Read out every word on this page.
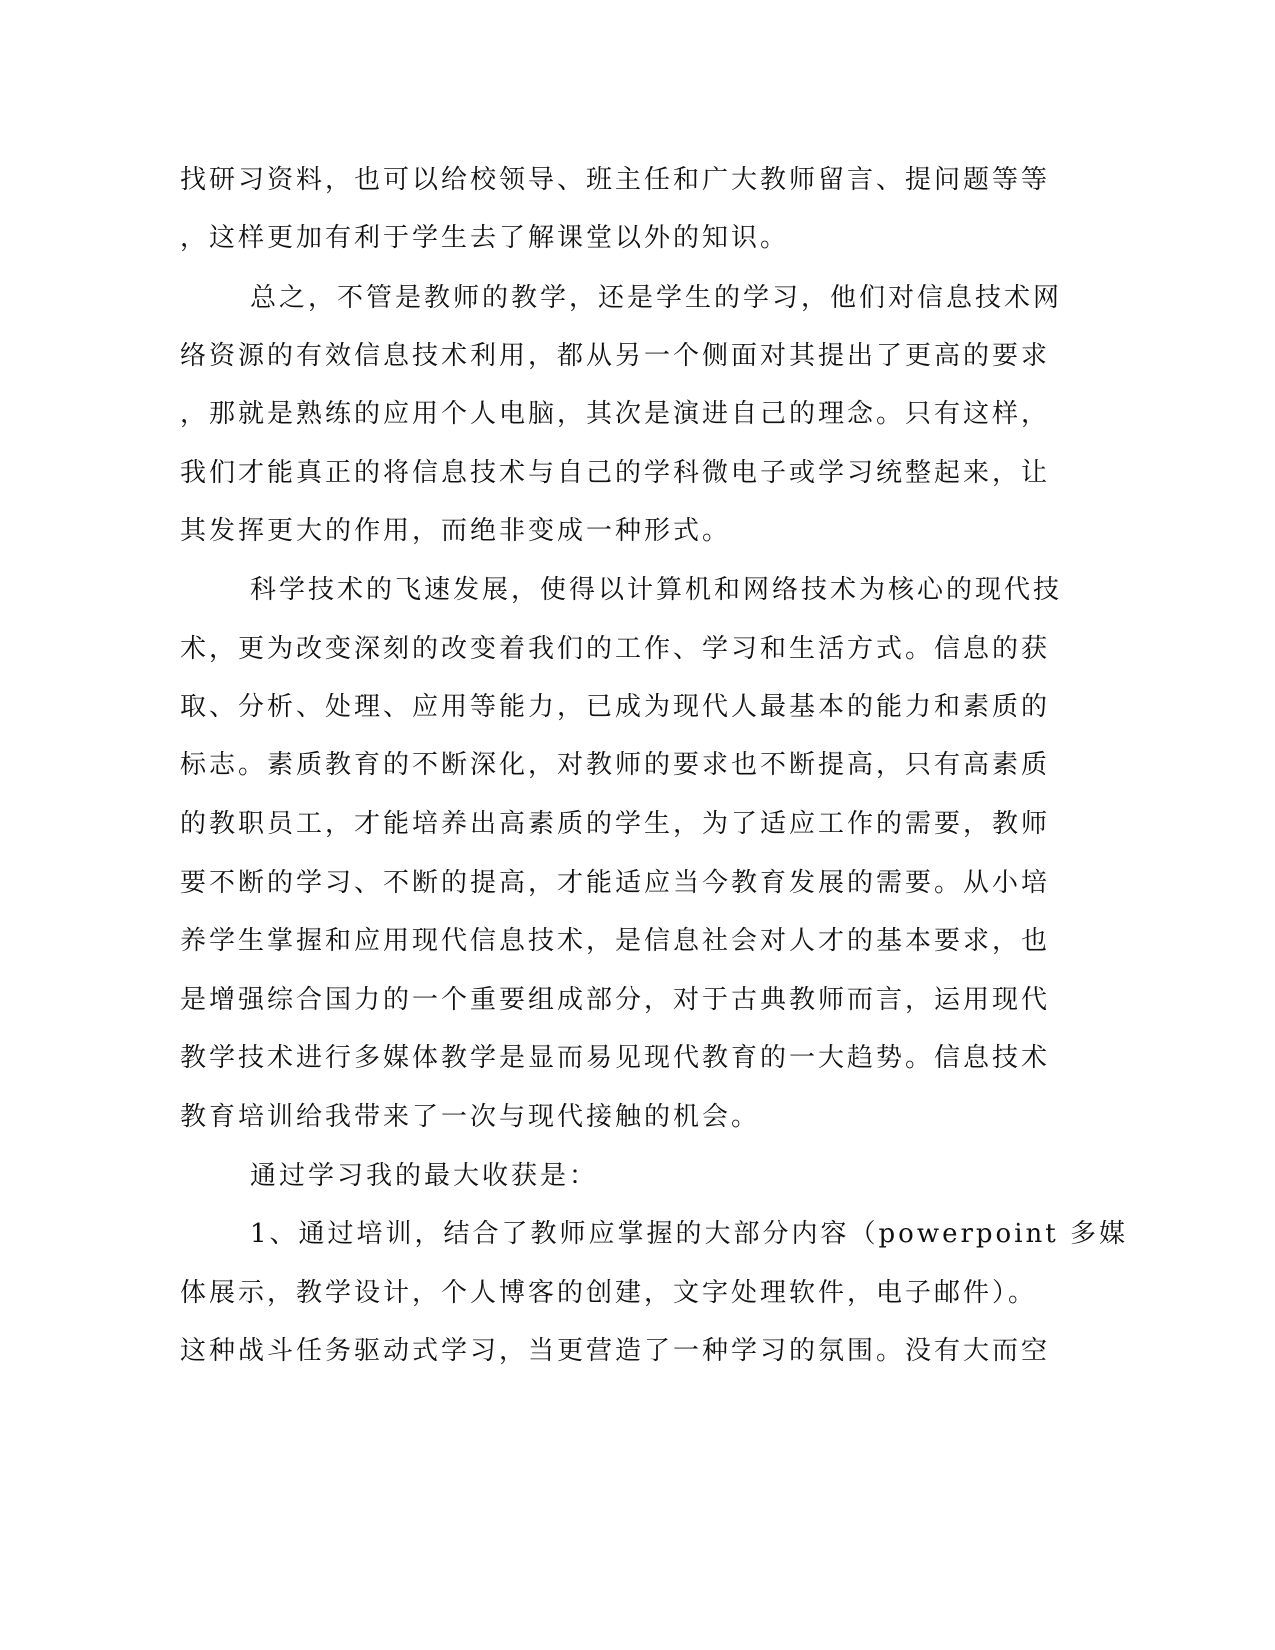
找研习资料，也可以给校领导、班主任和广大教师留言、提问题等等
，这样更加有利于学生去了解课堂以外的知识。
总之，不管是教师的教学，还是学生的学习，他们对信息技术网
络资源的有效信息技术利用，都从另一个侧面对其提出了更高的要求
，那就是熟练的应用个人电脑，其次是演进自己的理念。只有这样，
我们才能真正的将信息技术与自己的学科微电子或学习统整起来，让
其发挥更大的作用，而绝非变成一种形式。
科学技术的飞速发展，使得以计算机和网络技术为核心的现代技
术，更为改变深刻的改变着我们的工作、学习和生活方式。信息的获
取、分析、处理、应用等能力，已成为现代人最基本的能力和素质的
标志。素质教育的不断深化，对教师的要求也不断提高，只有高素质
的教职员工，才能培养出高素质的学生，为了适应工作的需要，教师
要不断的学习、不断的提高，才能适应当今教育发展的需要。从小培
养学生掌握和应用现代信息技术，是信息社会对人才的基本要求，也
是增强综合国力的一个重要组成部分，对于古典教师而言，运用现代
教学技术进行多媒体教学是显而易见现代教育的一大趋势。信息技术
教育培训给我带来了一次与现代接触的机会。
通过学习我的最大收获是：
1、通过培训，结合了教师应掌握的大部分内容（powerpoint 多媒
体展示，教学设计，个人博客的创建，文字处理软件，电子邮件）。
这种战斗任务驱动式学习，当更营造了一种学习的氛围。没有大而空
